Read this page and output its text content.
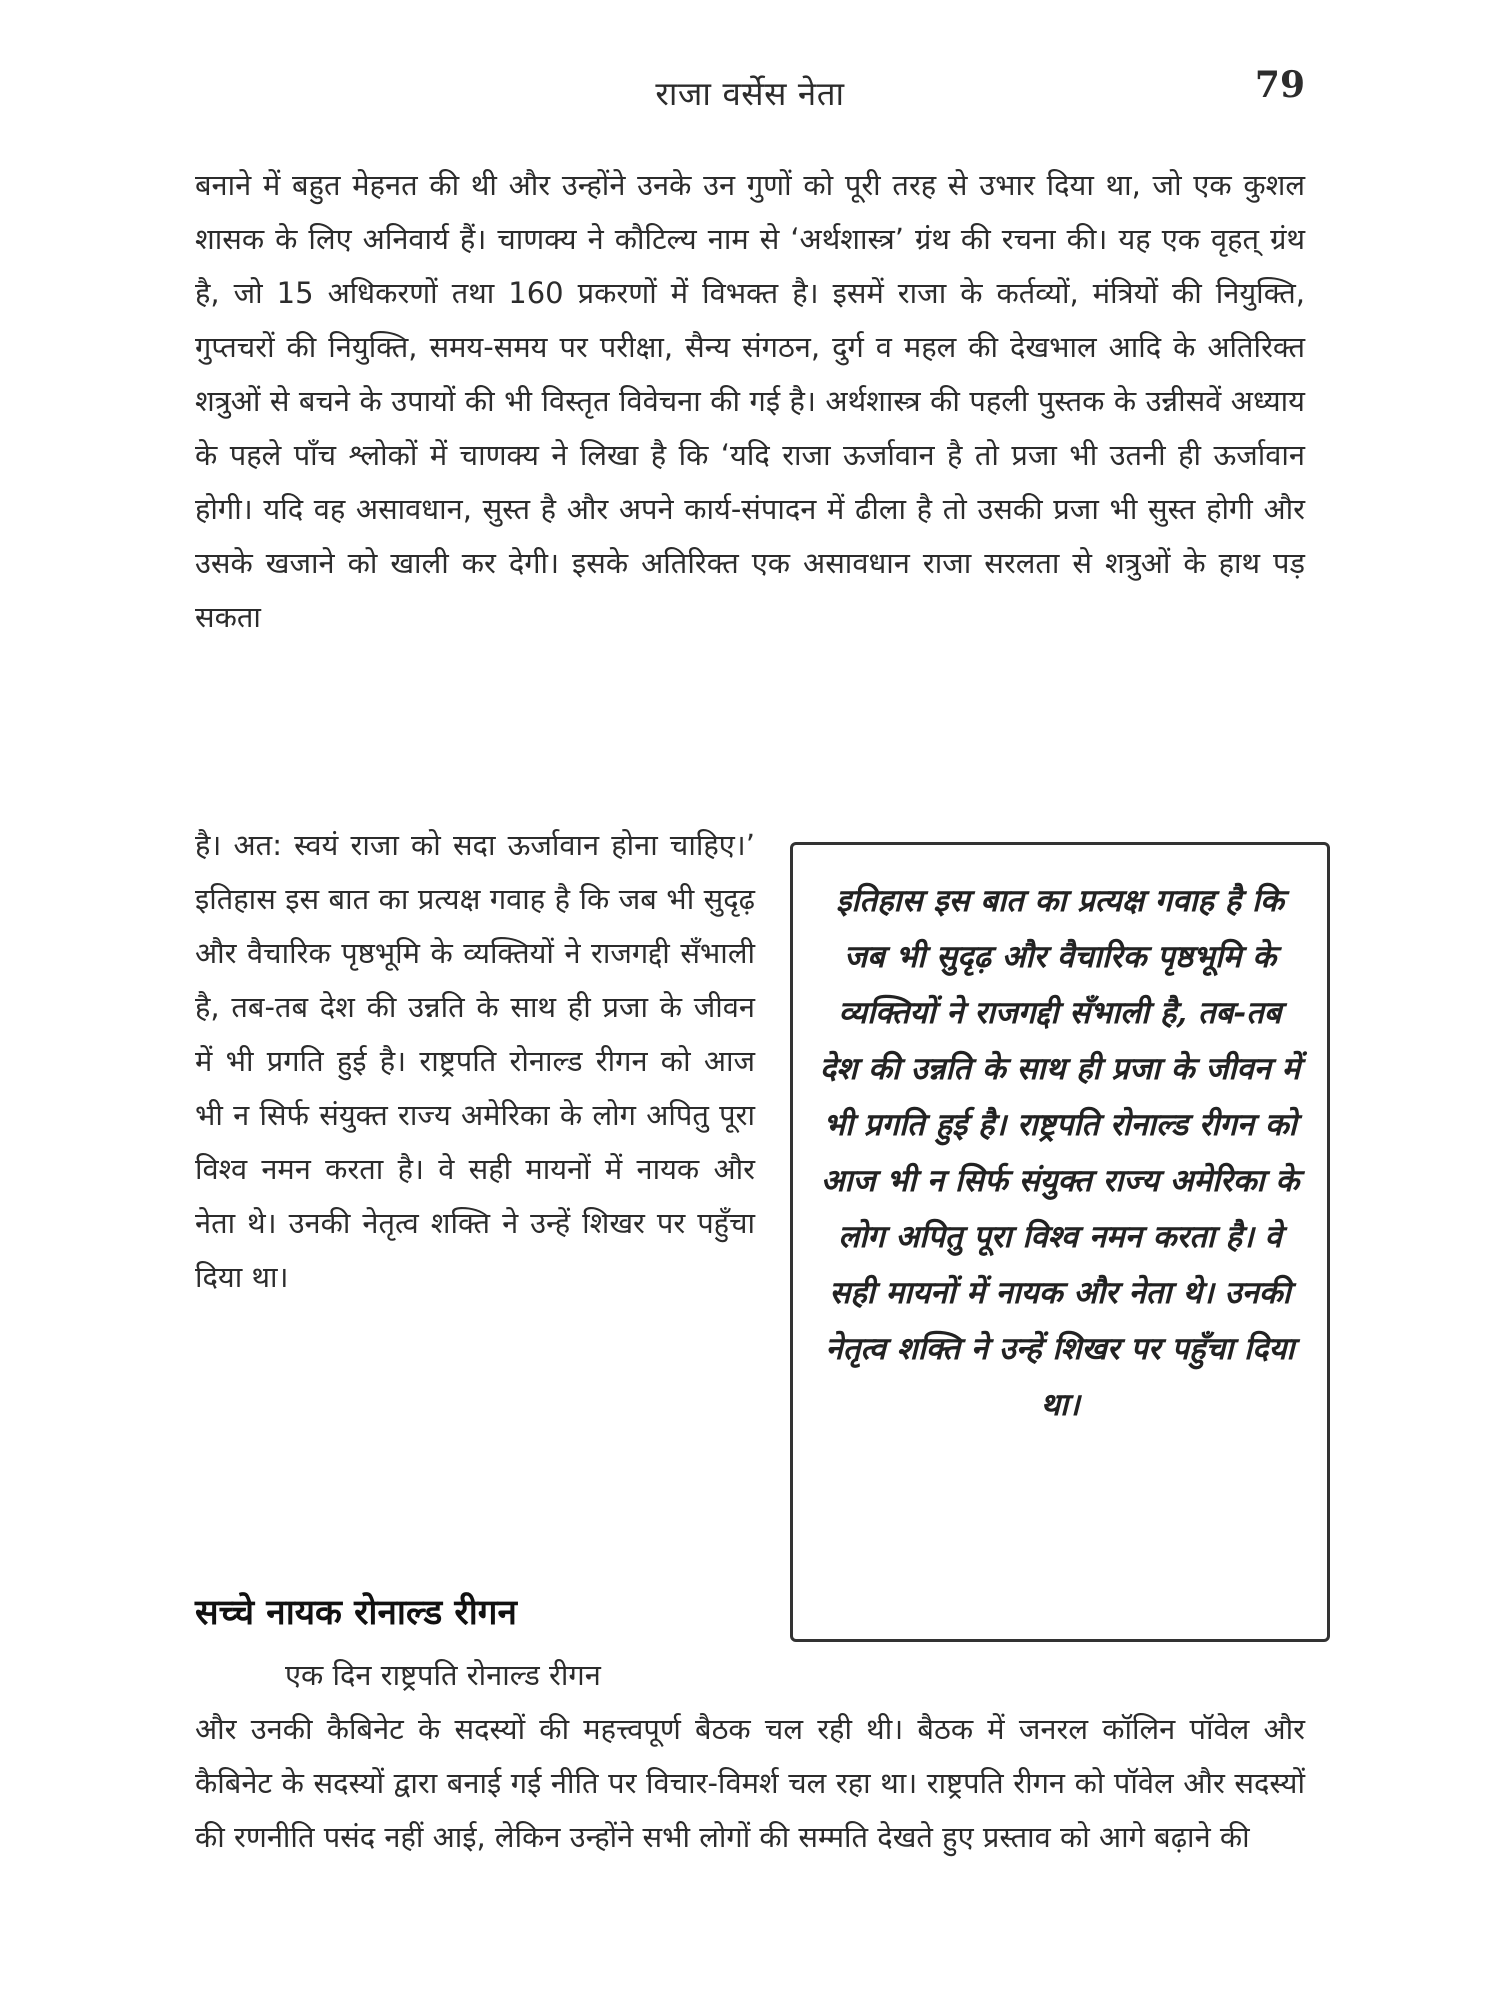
राजा वर्सेस नेता	79

बनाने में बहुत मेहनत की थी और उन्होंने उनके उन गुणों को पूरी तरह से उभार दिया था, जो एक कुशल शासक के लिए अनिवार्य हैं। चाणक्य ने कौटिल्य नाम से ‘अर्थशास्त्र’ ग्रंथ की रचना की। यह एक वृहत् ग्रंथ है, जो 15 अधिकरणों तथा 160 प्रकरणों में विभक्त है। इसमें राजा के कर्तव्यों, मंत्रियों की नियुक्ति, गुप्तचरों की नियुक्ति, समय-समय पर परीक्षा, सैन्य संगठन, दुर्ग व महल की देखभाल आदि के अतिरिक्त शत्रुओं से बचने के उपायों की भी विस्तृत विवेचना की गई है। अर्थशास्त्र की पहली पुस्तक के उन्नीसवें अध्याय के पहले पाँच श्लोकों में चाणक्य ने लिखा है कि ‘यदि राजा ऊर्जावान है तो प्रजा भी उतनी ही ऊर्जावान होगी। यदि वह असावधान, सुस्त है और अपने कार्य-संपादन में ढीला है तो उसकी प्रजा भी सुस्त होगी और उसके खजाने को खाली कर देगी। इसके अतिरिक्त एक असावधान राजा सरलता से शत्रुओं के हाथ पड़ सकता

है। अत: स्वयं राजा को सदा ऊर्जावान होना चाहिए।’ इतिहास इस बात का प्रत्यक्ष गवाह है कि जब भी सुदृढ़ और वैचारिक पृष्ठभूमि के व्यक्तियों ने राजगद्दी सँभाली है, तब-तब देश की उन्नति के साथ ही प्रजा के जीवन में भी प्रगति हुई है। राष्ट्रपति रोनाल्ड रीगन को आज भी न सिर्फ संयुक्त राज्य अमेरिका के लोग अपितु पूरा विश्व नमन करता है। वे सही मायनों में नायक और नेता थे। उनकी नेतृत्व शक्ति ने उन्हें शिखर पर पहुँचा दिया था।

इतिहास इस बात का प्रत्यक्ष गवाह है कि जब भी सुदृढ़ और वैचारिक पृष्ठभूमि के व्यक्तियों ने राजगद्दी सँभाली है, तब-तब देश की उन्नति के साथ ही प्रजा के जीवन में भी प्रगति हुई है। राष्ट्रपति रोनाल्ड रीगन को आज भी न सिर्फ संयुक्त राज्य अमेरिका के लोग अपितु पूरा विश्व नमन करता है। वे सही मायनों में नायक और नेता थे। उनकी नेतृत्व शक्ति ने उन्हें शिखर पर पहुँचा दिया था।
सच्चे नायक रोनाल्ड रीगन

एक दिन राष्ट्रपति रोनाल्ड रीगन

और उनकी कैबिनेट के सदस्यों की महत्त्वपूर्ण बैठक चल रही थी। बैठक में जनरल कॉलिन पॉवेल और कैबिनेट के सदस्यों द्वारा बनाई गई नीति पर विचार-विमर्श चल रहा था। राष्ट्रपति रीगन को पॉवेल और सदस्यों की रणनीति पसंद नहीं आई, लेकिन उन्होंने सभी लोगों की सम्मति देखते हुए प्रस्ताव को आगे बढ़ाने की
